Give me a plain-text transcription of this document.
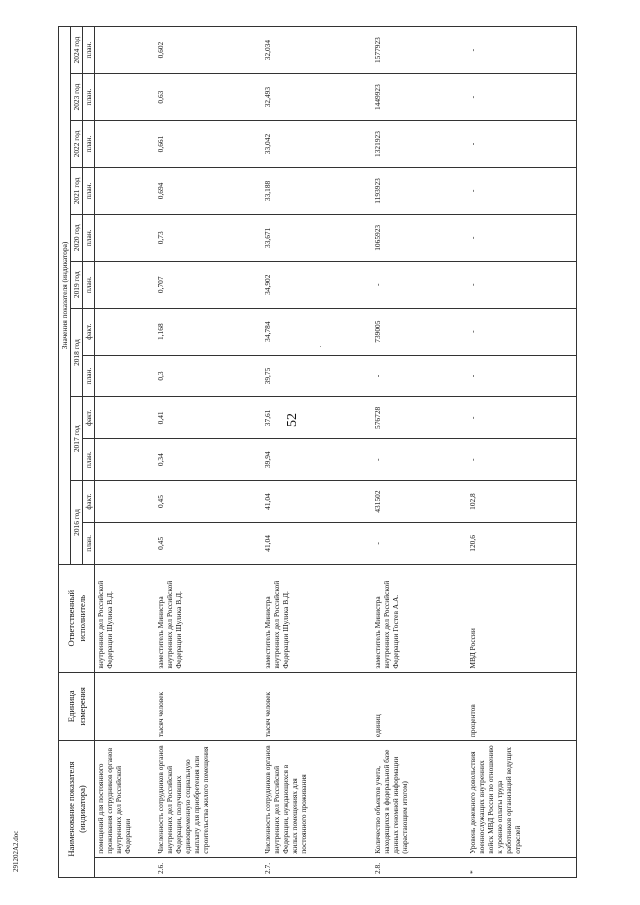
52
291202A2.doc	Наименование показателя (индикатора)		Единица измерения	Ответственный исполнитель	Значения показателя (индикатора)											
				2016 год		2017 год		2018 год		2019 год	2020 год	2021 год	2022 год	2023 год	2024 год
				план.	факт.	план.	факт.	план.	факт.	план.	план.	план.	план.	план.	план.
	помещений для постоянного проживания сотрудников органов внутренних дел Российской Федерации		внутренних дел Российской Федерации Шулика В.Д.												
2.6.	Численность сотрудников органов внутренних дел Российской Федерации, получивших единовременную социальную выплату для приобретения или строительства жилого помещения	тысяч человек	заместитель Министра внутренних дел Российской Федерации Шулика В.Д.	0,45	0,45	0,34	0,41	0,3	1,168	0,707	0,73	0,694	0,661	0,63	0,602
2.7.	Численность сотрудников органов внутренних дел Российской Федерации, нуждающихся в жилых помещениях для постоянного проживания	тысяч человек	заместитель Министра внутренних дел Российской Федерации Шулика В.Д.	41,04	41,04	39,94	37,61	39,75	34,784	34,902	33,671	33,188	33,042	32,493	32,034
2.8.	Количество объектов учета, находящихся в федеральной базе данных геномной информации (нарастающим итогом)	единиц	заместитель Министра внутренних дел Российской Федерации Гостев А.А.	-	431502	-	576728	-	739005	-	1065923	1193923	1321923	1449923	1577923
*	Уровень денежного довольствия военнослужащих внутренних войск МВД России по отношению к уровню оплаты труда работников организаций ведущих отраслей	процентов	МВД России	120,6	102,8	-	-	-	-	-	-	-	-	-	-
